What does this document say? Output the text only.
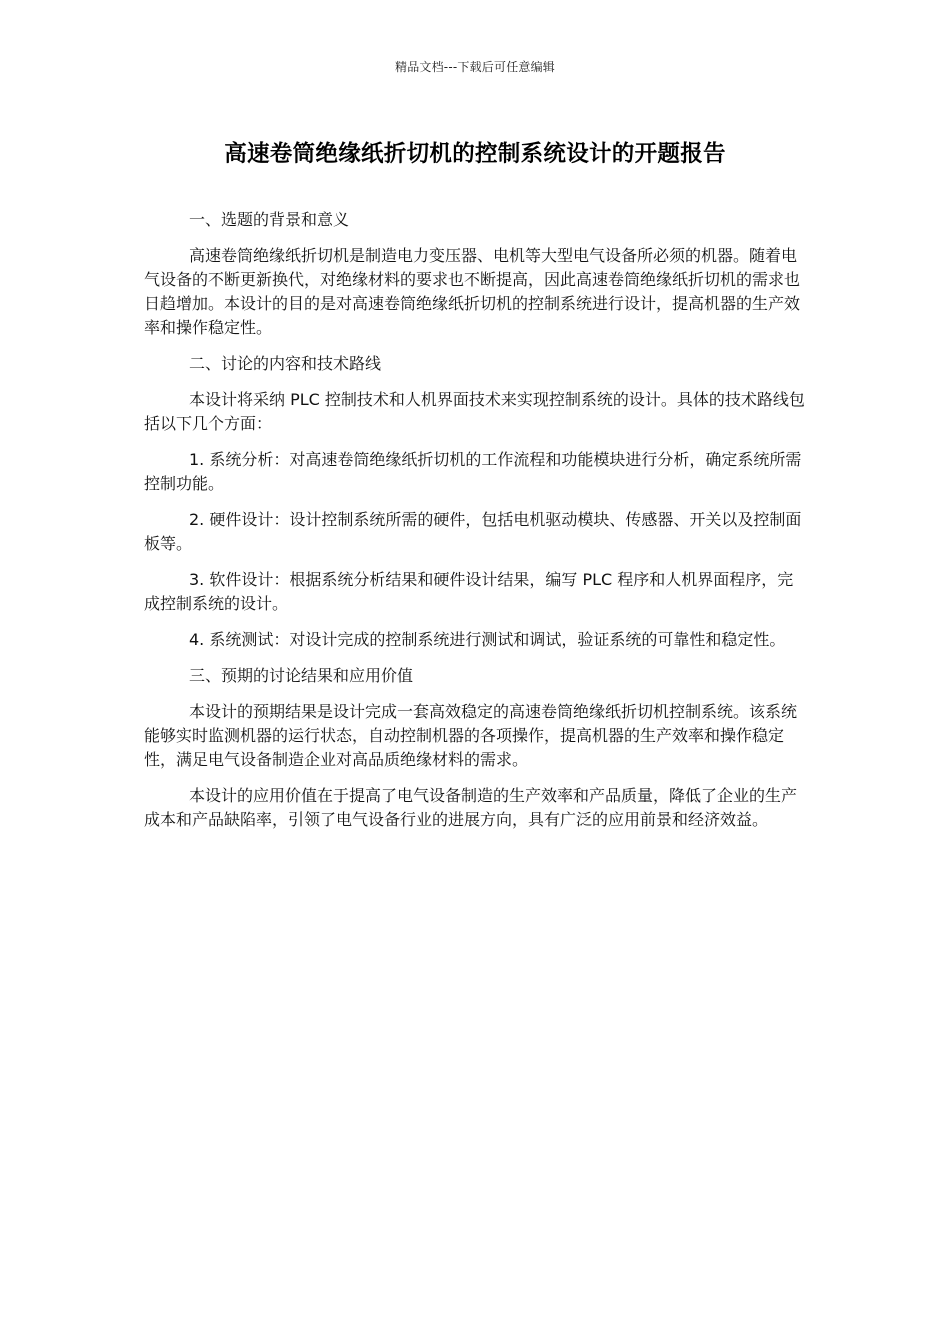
精品文档---下载后可任意编辑
高速卷筒绝缘纸折切机的控制系统设计的开题报告

一、选题的背景和意义

高速卷筒绝缘纸折切机是制造电力变压器、电机等大型电气设备所必须的机器。随着电气设备的不断更新换代，对绝缘材料的要求也不断提高，因此高速卷筒绝缘纸折切机的需求也日趋增加。本设计的目的是对高速卷筒绝缘纸折切机的控制系统进行设计，提高机器的生产效率和操作稳定性。

二、讨论的内容和技术路线

本设计将采纳 PLC 控制技术和人机界面技术来实现控制系统的设计。具体的技术路线包括以下几个方面：

1. 系统分析：对高速卷筒绝缘纸折切机的工作流程和功能模块进行分析，确定系统所需控制功能。

2. 硬件设计：设计控制系统所需的硬件，包括电机驱动模块、传感器、开关以及控制面板等。

3. 软件设计：根据系统分析结果和硬件设计结果，编写 PLC 程序和人机界面程序，完成控制系统的设计。

4. 系统测试：对设计完成的控制系统进行测试和调试，验证系统的可靠性和稳定性。

三、预期的讨论结果和应用价值

本设计的预期结果是设计完成一套高效稳定的高速卷筒绝缘纸折切机控制系统。该系统能够实时监测机器的运行状态，自动控制机器的各项操作，提高机器的生产效率和操作稳定性，满足电气设备制造企业对高品质绝缘材料的需求。

本设计的应用价值在于提高了电气设备制造的生产效率和产品质量，降低了企业的生产成本和产品缺陷率，引领了电气设备行业的进展方向，具有广泛的应用前景和经济效益。
